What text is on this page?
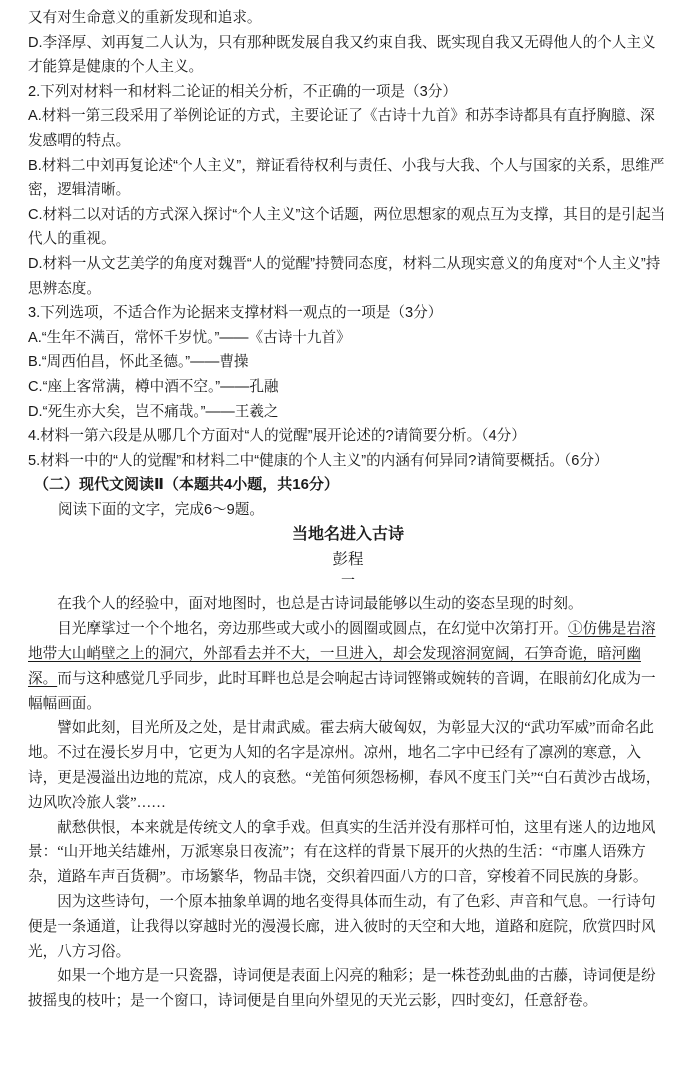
又有对生命意义的重新发现和追求。

D.李泽厚、刘再复二人认为，只有那种既发展自我又约束自我、既实现自我又无碍他人的个人主义才能算是健康的个人主义。

2.下列对材料一和材料二论证的相关分析，不正确的一项是（3分）

A.材料一第三段采用了举例论证的方式，主要论证了《古诗十九首》和苏李诗都具有直抒胸臆、深发感喟的特点。

B.材料二中刘再复论述“个人主义”，辩证看待权利与责任、小我与大我、个人与国家的关系，思维严密，逻辑清晰。

C.材料二以对话的方式深入探讨“个人主义”这个话题，两位思想家的观点互为支撑，其目的是引起当代人的重视。

D.材料一从文艺美学的角度对魏晋“人的觉醒”持赞同态度，材料二从现实意义的角度对“个人主义”持思辨态度。

3.下列选项，不适合作为论据来支撑材料一观点的一项是（3分）

A.“生年不满百，常怀千岁忧。”——《古诗十九首》

B.“周西伯昌，怀此圣德。”——曹操

C.“座上客常满，樽中酒不空。”——孔融

D.“死生亦大矣，岂不痛哉。”——王羲之

4.材料一第六段是从哪几个方面对“人的觉醒”展开论述的?请简要分析。（4分）

5.材料一中的“人的觉醒”和材料二中“健康的个人主义”的内涵有何异同?请简要概括。（6分）

（二）现代文阅读Ⅱ（本题共4小题，共16分）

阅读下面的文字，完成6～9题。

当地名进入古诗

彭程

一

在我个人的经验中，面对地图时，也总是古诗词最能够以生动的姿态呈现的时刻。

目光摩挲过一个个地名，旁边那些或大或小的圆圈或圆点，在幻觉中次第打开。①仿佛是岩溶地带大山峭壁之上的洞穴，外部看去并不大，一旦进入，却会发现溶洞宽阔，石笋奇诡，暗河幽深。而与这种感觉几乎同步，此时耳畔也总是会响起古诗词铿锵或婉转的音调，在眼前幻化成为一幅幅画面。

譬如此刻，目光所及之处，是甘肃武威。霍去病大破匈奴，为彰显大汉的“武功军威”而命名此地。不过在漫长岁月中，它更为人知的名字是凉州。凉州，地名二字中已经有了凛冽的寒意，入诗，更是漫溢出边地的荒凉，戍人的哀愁。“羌笛何须怨杨柳，春风不度玉门关”“白石黄沙古战场，边风吹冷旅人裳”……

献愁供恨，本来就是传统文人的拿手戏。但真实的生活并没有那样可怕，这里有迷人的边地风景：“山开地关结雄州，万派寒泉日夜流”；有在这样的背景下展开的火热的生活：“市廛人语殊方杂，道路车声百货稠”。市场繁华，物品丰饶，交织着四面八方的口音，穿梭着不同民族的身影。

因为这些诗句，一个原本抽象单调的地名变得具体而生动，有了色彩、声音和气息。一行诗句便是一条通道，让我得以穿越时光的漫漫长廊，进入彼时的天空和大地，道路和庭院，欣赏四时风光，八方习俗。

如果一个地方是一只瓷器，诗词便是表面上闪亮的釉彩；是一株苍劲虬曲的古藤，诗词便是纷披摇曳的枝叶；是一个窗口，诗词便是自里向外望见的天光云影，四时变幻，任意舒卷。
